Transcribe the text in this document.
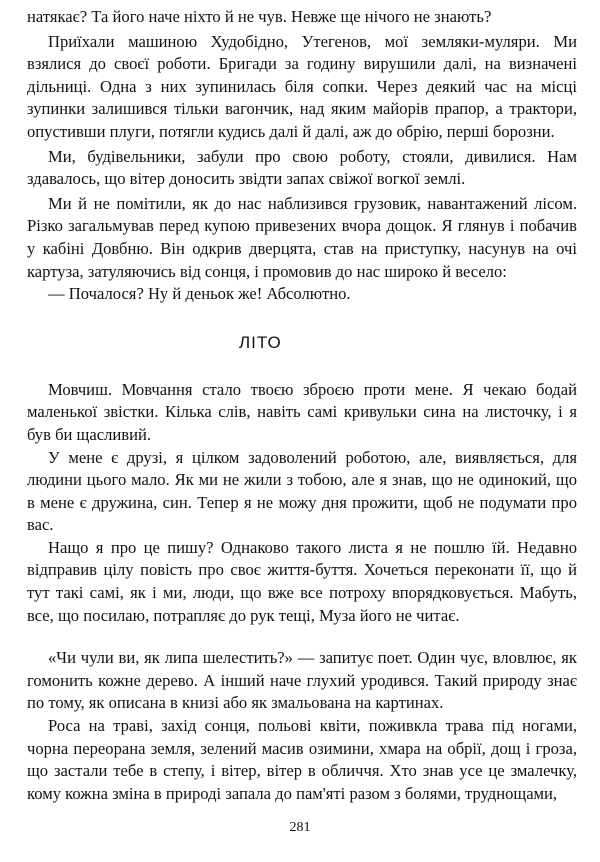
натякає? Та його наче ніхто й не чув. Невже ще нічого не знають?

Приїхали машиною Худобідно, Утегенов, мої земляки-муляри. Ми взялися до своєї роботи. Бригади за годину вирушили далі, на визначені дільниці. Одна з них зупинилась біля сопки. Через деякий час на місці зупинки залишився тільки вагончик, над яким майорів прапор, а трактори, опустивши плуги, потягли кудись далі й далі, аж до обрію, перші борозни.

Ми, будівельники, забули про свою роботу, стояли, дивилися. Нам здавалось, що вітер доносить звідти запах свіжої вогкої землі.

Ми й не помітили, як до нас наблизився грузовик, навантажений лісом. Різко загальмував перед купою привезених вчора дощок. Я глянув і побачив у кабіні Довбню. Він одкрив дверцята, став на приступку, насунув на очі картуза, затуляючись від сонця, і промовив до нас широко й весело:

— Почалося? Ну й деньок же! Абсолютно.

ЛІТО

Мовчиш. Мовчання стало твоєю зброєю проти мене. Я чекаю бодай маленької звістки. Кілька слів, навіть самі кривульки сина на листочку, і я був би щасливий.

У мене є друзі, я цілком задоволений роботою, але, виявляється, для людини цього мало. Як ми не жили з тобою, але я знав, що не одинокий, що в мене є дружина, син. Тепер я не можу дня прожити, щоб не подумати про вас.

Нащо я про це пишу? Однаково такого листа я не пошлю їй. Недавно відправив цілу повість про своє життя-буття. Хочеться переконати її, що й тут такі самі, як і ми, люди, що вже все потроху впорядковується. Мабуть, все, що посилаю, потрапляє до рук тещі, Муза його не читає.

«Чи чули ви, як липа шелестить?» — запитує поет. Один чує, вловлює, як гомонить кожне дерево. А інший наче глухий уродився. Такий природу знає по тому, як описана в книзі або як змальована на картинах.

Роса на траві, захід сонця, польові квіти, поживкла трава під ногами, чорна переорана земля, зелений масив озимини, хмара на обрії, дощ і гроза, що застали тебе в степу, і вітер, вітер в обличчя. Хто знав усе це змалечку, кому кожна зміна в природі запала до пам'яті разом з болями, труднощами,

281
